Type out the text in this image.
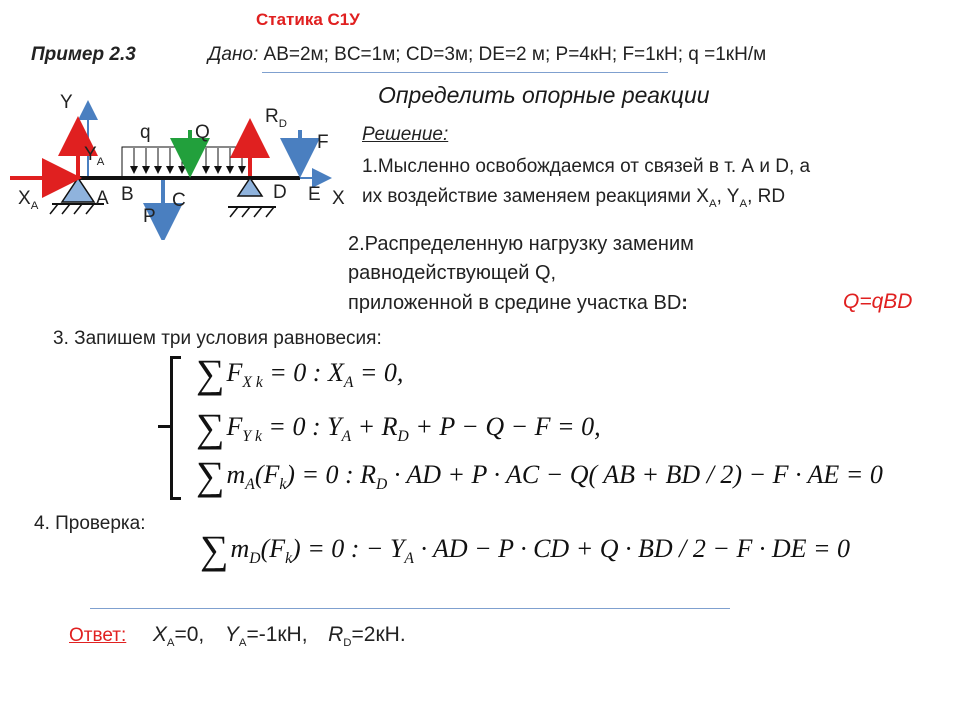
Статика С1У
Пример 2.3	Дано: AB=2м; BC=1м; CD=3м; DE=2 м; P=4кН; F=1кН; q =1кН/м
Определить опорные реакции
Y
X
$X_A$
$Y_A$
A B C	D E
q Q
P
F
$R_D$
Решение:
1.Мысленно освобождаемся от связей в т. А и D, а
их воздействие заменяем реакциями $X_A$, $Y_A$, RD
2.Распределенную нагрузку заменим
равнодействующей Q,
приложенной в средине участка BD:	Q=qBD
3. Запишем три условия равновесия:
$\sum F_{X k} = 0$ : $X_A = 0$,
$\sum F_{Y k} = 0$ : $Y_A + R_D + P - Q - F = 0$,
$\sum m_A(F_k) = 0$ : $R_D$ · AD + P · AC − Q( AB + BD / 2) − F · AE = 0
4. Проверка:
$\sum m_D(F_k) = 0$ : − $Y_A$ · AD − P · CD + Q · BD / 2 − F · DE = 0
Ответ: $X_A=0$, $Y_A=-1кН$, $R_D=2кН$.
